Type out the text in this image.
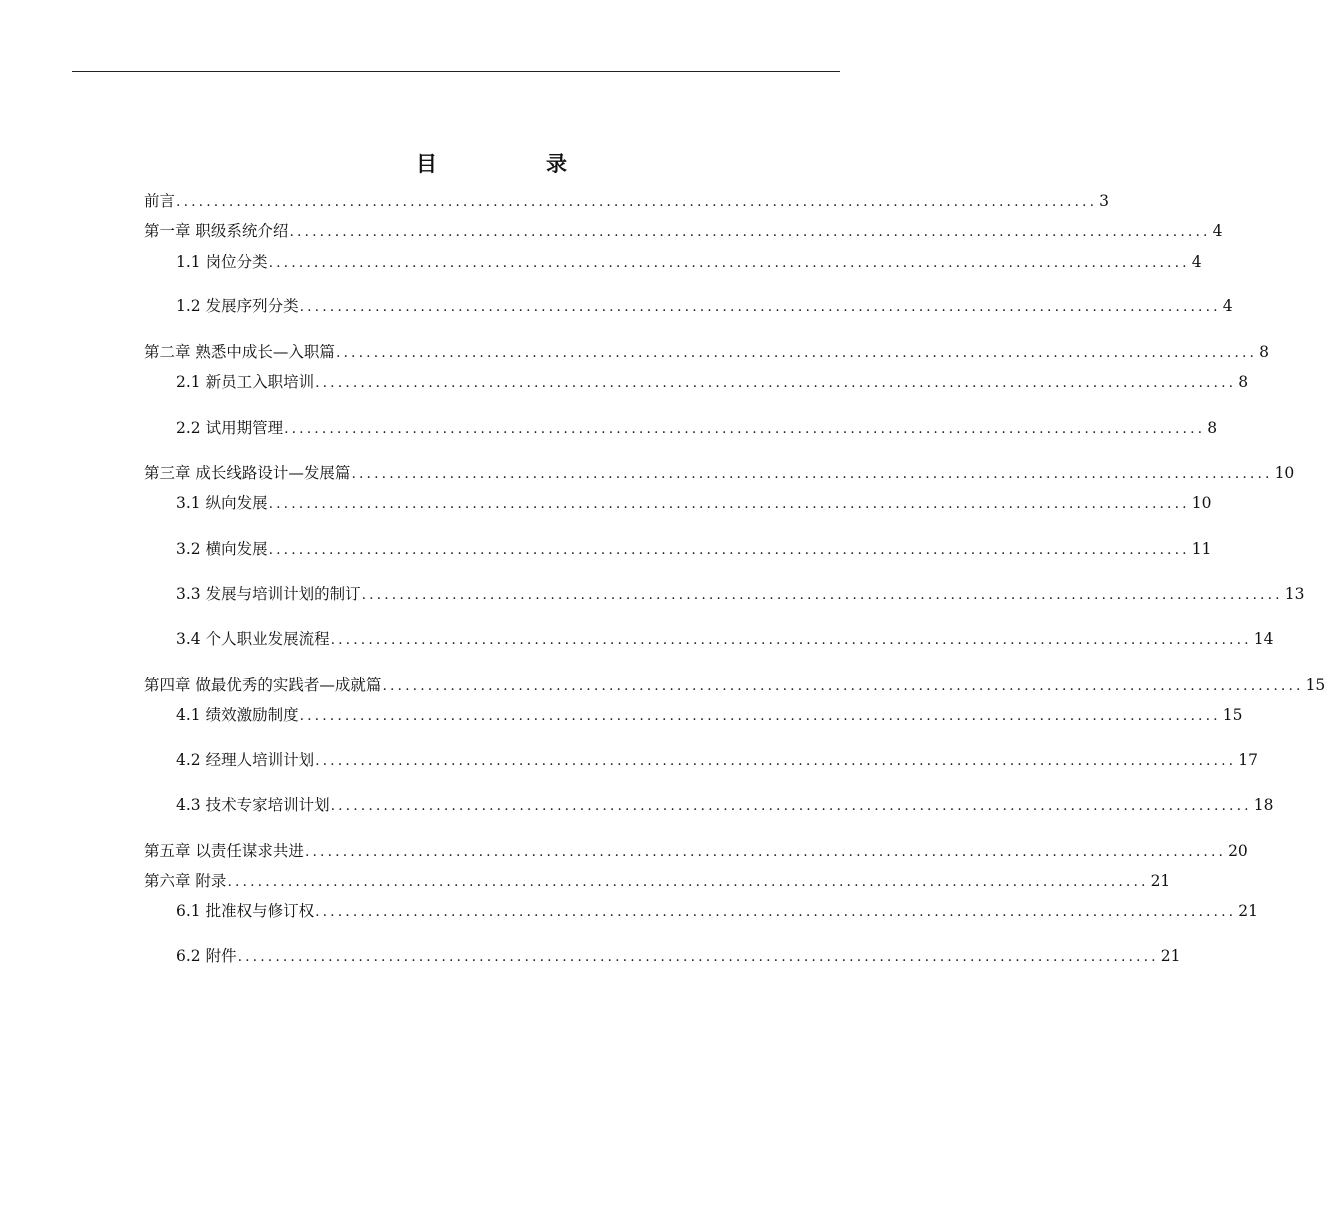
目	录
前言 .......................................................................................................................... 3
第一章 职级系统介绍 .......................................................................................................................... 4
1.1 岗位分类 .......................................................................................................................... 4
1.2 发展序列分类 .......................................................................................................................... 4
第二章 熟悉中成长—入职篇 .......................................................................................................................... 8
2.1 新员工入职培训 .......................................................................................................................... 8
2.2 试用期管理 .......................................................................................................................... 8
第三章 成长线路设计—发展篇 .......................................................................................................................... 10
3.1 纵向发展 .......................................................................................................................... 10
3.2 横向发展 .......................................................................................................................... 11
3.3 发展与培训计划的制订 .......................................................................................................................... 13
3.4 个人职业发展流程 .......................................................................................................................... 14
第四章 做最优秀的实践者—成就篇 .......................................................................................................................... 15
4.1 绩效激励制度 .......................................................................................................................... 15
4.2 经理人培训计划 .......................................................................................................................... 17
4.3 技术专家培训计划 .......................................................................................................................... 18
第五章 以责任谋求共进 .......................................................................................................................... 20
第六章 附录 .......................................................................................................................... 21
6.1 批准权与修订权 .......................................................................................................................... 21
6.2 附件 .......................................................................................................................... 21
